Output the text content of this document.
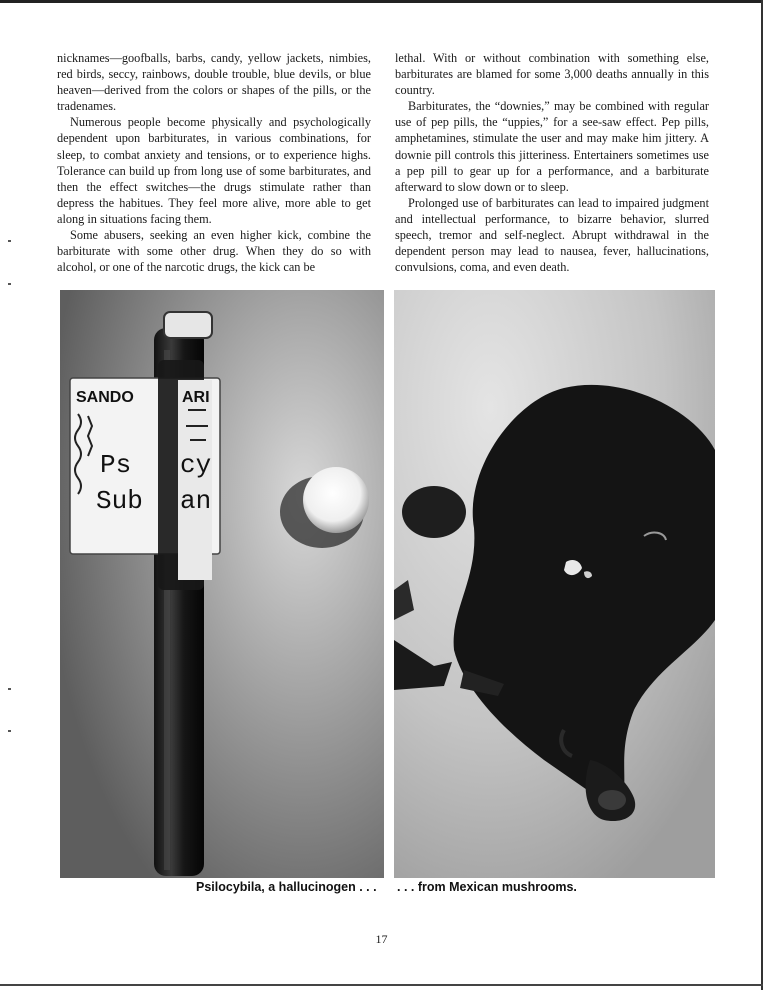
nicknames—goofballs, barbs, candy, yellow jackets, nimbies, red birds, seccy, rainbows, double trouble, blue devils, or blue heaven—derived from the colors or shapes of the pills, or the tradenames.

Numerous people become physically and psychologically dependent upon barbiturates, in various combinations, for sleep, to combat anxiety and tensions, or to experience highs. Tolerance can build up from long use of some barbiturates, and then the effect switches—the drugs stimulate rather than depress the habitues. They feel more alive, more able to get along in situations facing them.

Some abusers, seeking an even higher kick, combine the barbiturate with some other drug. When they do so with alcohol, or one of the narcotic drugs, the kick can be

lethal. With or without combination with something else, barbiturates are blamed for some 3,000 deaths annually in this country.

Barbiturates, the “downies,” may be combined with regular use of pep pills, the “uppies,” for a see-saw effect. Pep pills, amphetamines, stimulate the user and may make him jittery. A downie pill controls this jitteriness. Entertainers sometimes use a pep pill to gear up for a performance, and a barbiturate afterward to slow down or to sleep.

Prolonged use of barbiturates can lead to impaired judgment and intellectual performance, to bizarre behavior, slurred speech, tremor and self-neglect. Abrupt withdrawal in the dependent person may lead to nausea, fever, hallucinations, convulsions, coma, and even death.

SANDO	ARI
Ps cy
Sub an
Psilocybila, a hallucinogen . . . . . . from Mexican mushrooms.
17
